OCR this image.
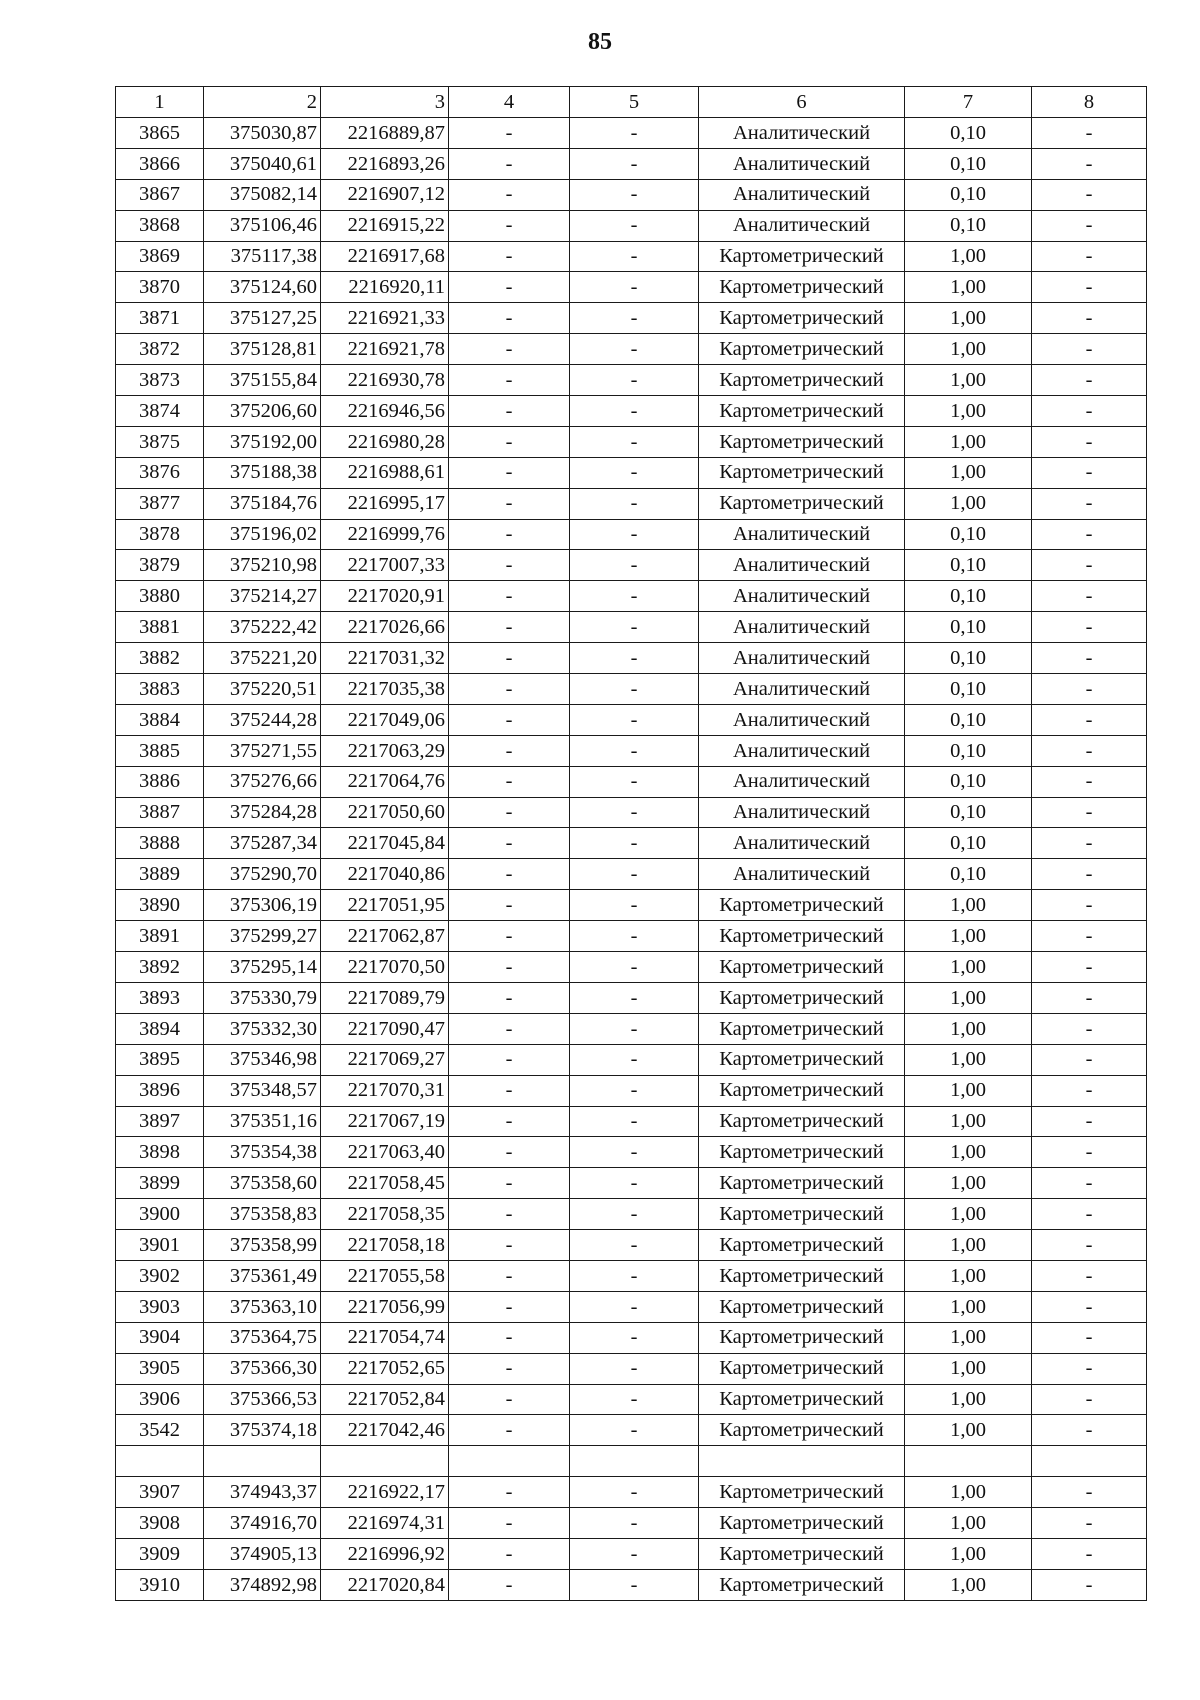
85
1	2	3	4	5	6	7	8
3865	375030,87	2216889,87	-	-	Аналитический	0,10	-
3866	375040,61	2216893,26	-	-	Аналитический	0,10	-
3867	375082,14	2216907,12	-	-	Аналитический	0,10	-
3868	375106,46	2216915,22	-	-	Аналитический	0,10	-
3869	375117,38	2216917,68	-	-	Картометрический	1,00	-
3870	375124,60	2216920,11	-	-	Картометрический	1,00	-
3871	375127,25	2216921,33	-	-	Картометрический	1,00	-
3872	375128,81	2216921,78	-	-	Картометрический	1,00	-
3873	375155,84	2216930,78	-	-	Картометрический	1,00	-
3874	375206,60	2216946,56	-	-	Картометрический	1,00	-
3875	375192,00	2216980,28	-	-	Картометрический	1,00	-
3876	375188,38	2216988,61	-	-	Картометрический	1,00	-
3877	375184,76	2216995,17	-	-	Картометрический	1,00	-
3878	375196,02	2216999,76	-	-	Аналитический	0,10	-
3879	375210,98	2217007,33	-	-	Аналитический	0,10	-
3880	375214,27	2217020,91	-	-	Аналитический	0,10	-
3881	375222,42	2217026,66	-	-	Аналитический	0,10	-
3882	375221,20	2217031,32	-	-	Аналитический	0,10	-
3883	375220,51	2217035,38	-	-	Аналитический	0,10	-
3884	375244,28	2217049,06	-	-	Аналитический	0,10	-
3885	375271,55	2217063,29	-	-	Аналитический	0,10	-
3886	375276,66	2217064,76	-	-	Аналитический	0,10	-
3887	375284,28	2217050,60	-	-	Аналитический	0,10	-
3888	375287,34	2217045,84	-	-	Аналитический	0,10	-
3889	375290,70	2217040,86	-	-	Аналитический	0,10	-
3890	375306,19	2217051,95	-	-	Картометрический	1,00	-
3891	375299,27	2217062,87	-	-	Картометрический	1,00	-
3892	375295,14	2217070,50	-	-	Картометрический	1,00	-
3893	375330,79	2217089,79	-	-	Картометрический	1,00	-
3894	375332,30	2217090,47	-	-	Картометрический	1,00	-
3895	375346,98	2217069,27	-	-	Картометрический	1,00	-
3896	375348,57	2217070,31	-	-	Картометрический	1,00	-
3897	375351,16	2217067,19	-	-	Картометрический	1,00	-
3898	375354,38	2217063,40	-	-	Картометрический	1,00	-
3899	375358,60	2217058,45	-	-	Картометрический	1,00	-
3900	375358,83	2217058,35	-	-	Картометрический	1,00	-
3901	375358,99	2217058,18	-	-	Картометрический	1,00	-
3902	375361,49	2217055,58	-	-	Картометрический	1,00	-
3903	375363,10	2217056,99	-	-	Картометрический	1,00	-
3904	375364,75	2217054,74	-	-	Картометрический	1,00	-
3905	375366,30	2217052,65	-	-	Картометрический	1,00	-
3906	375366,53	2217052,84	-	-	Картометрический	1,00	-
3542	375374,18	2217042,46	-	-	Картометрический	1,00	-

3907	374943,37	2216922,17	-	-	Картометрический	1,00	-
3908	374916,70	2216974,31	-	-	Картометрический	1,00	-
3909	374905,13	2216996,92	-	-	Картометрический	1,00	-
3910	374892,98	2217020,84	-	-	Картометрический	1,00	-
